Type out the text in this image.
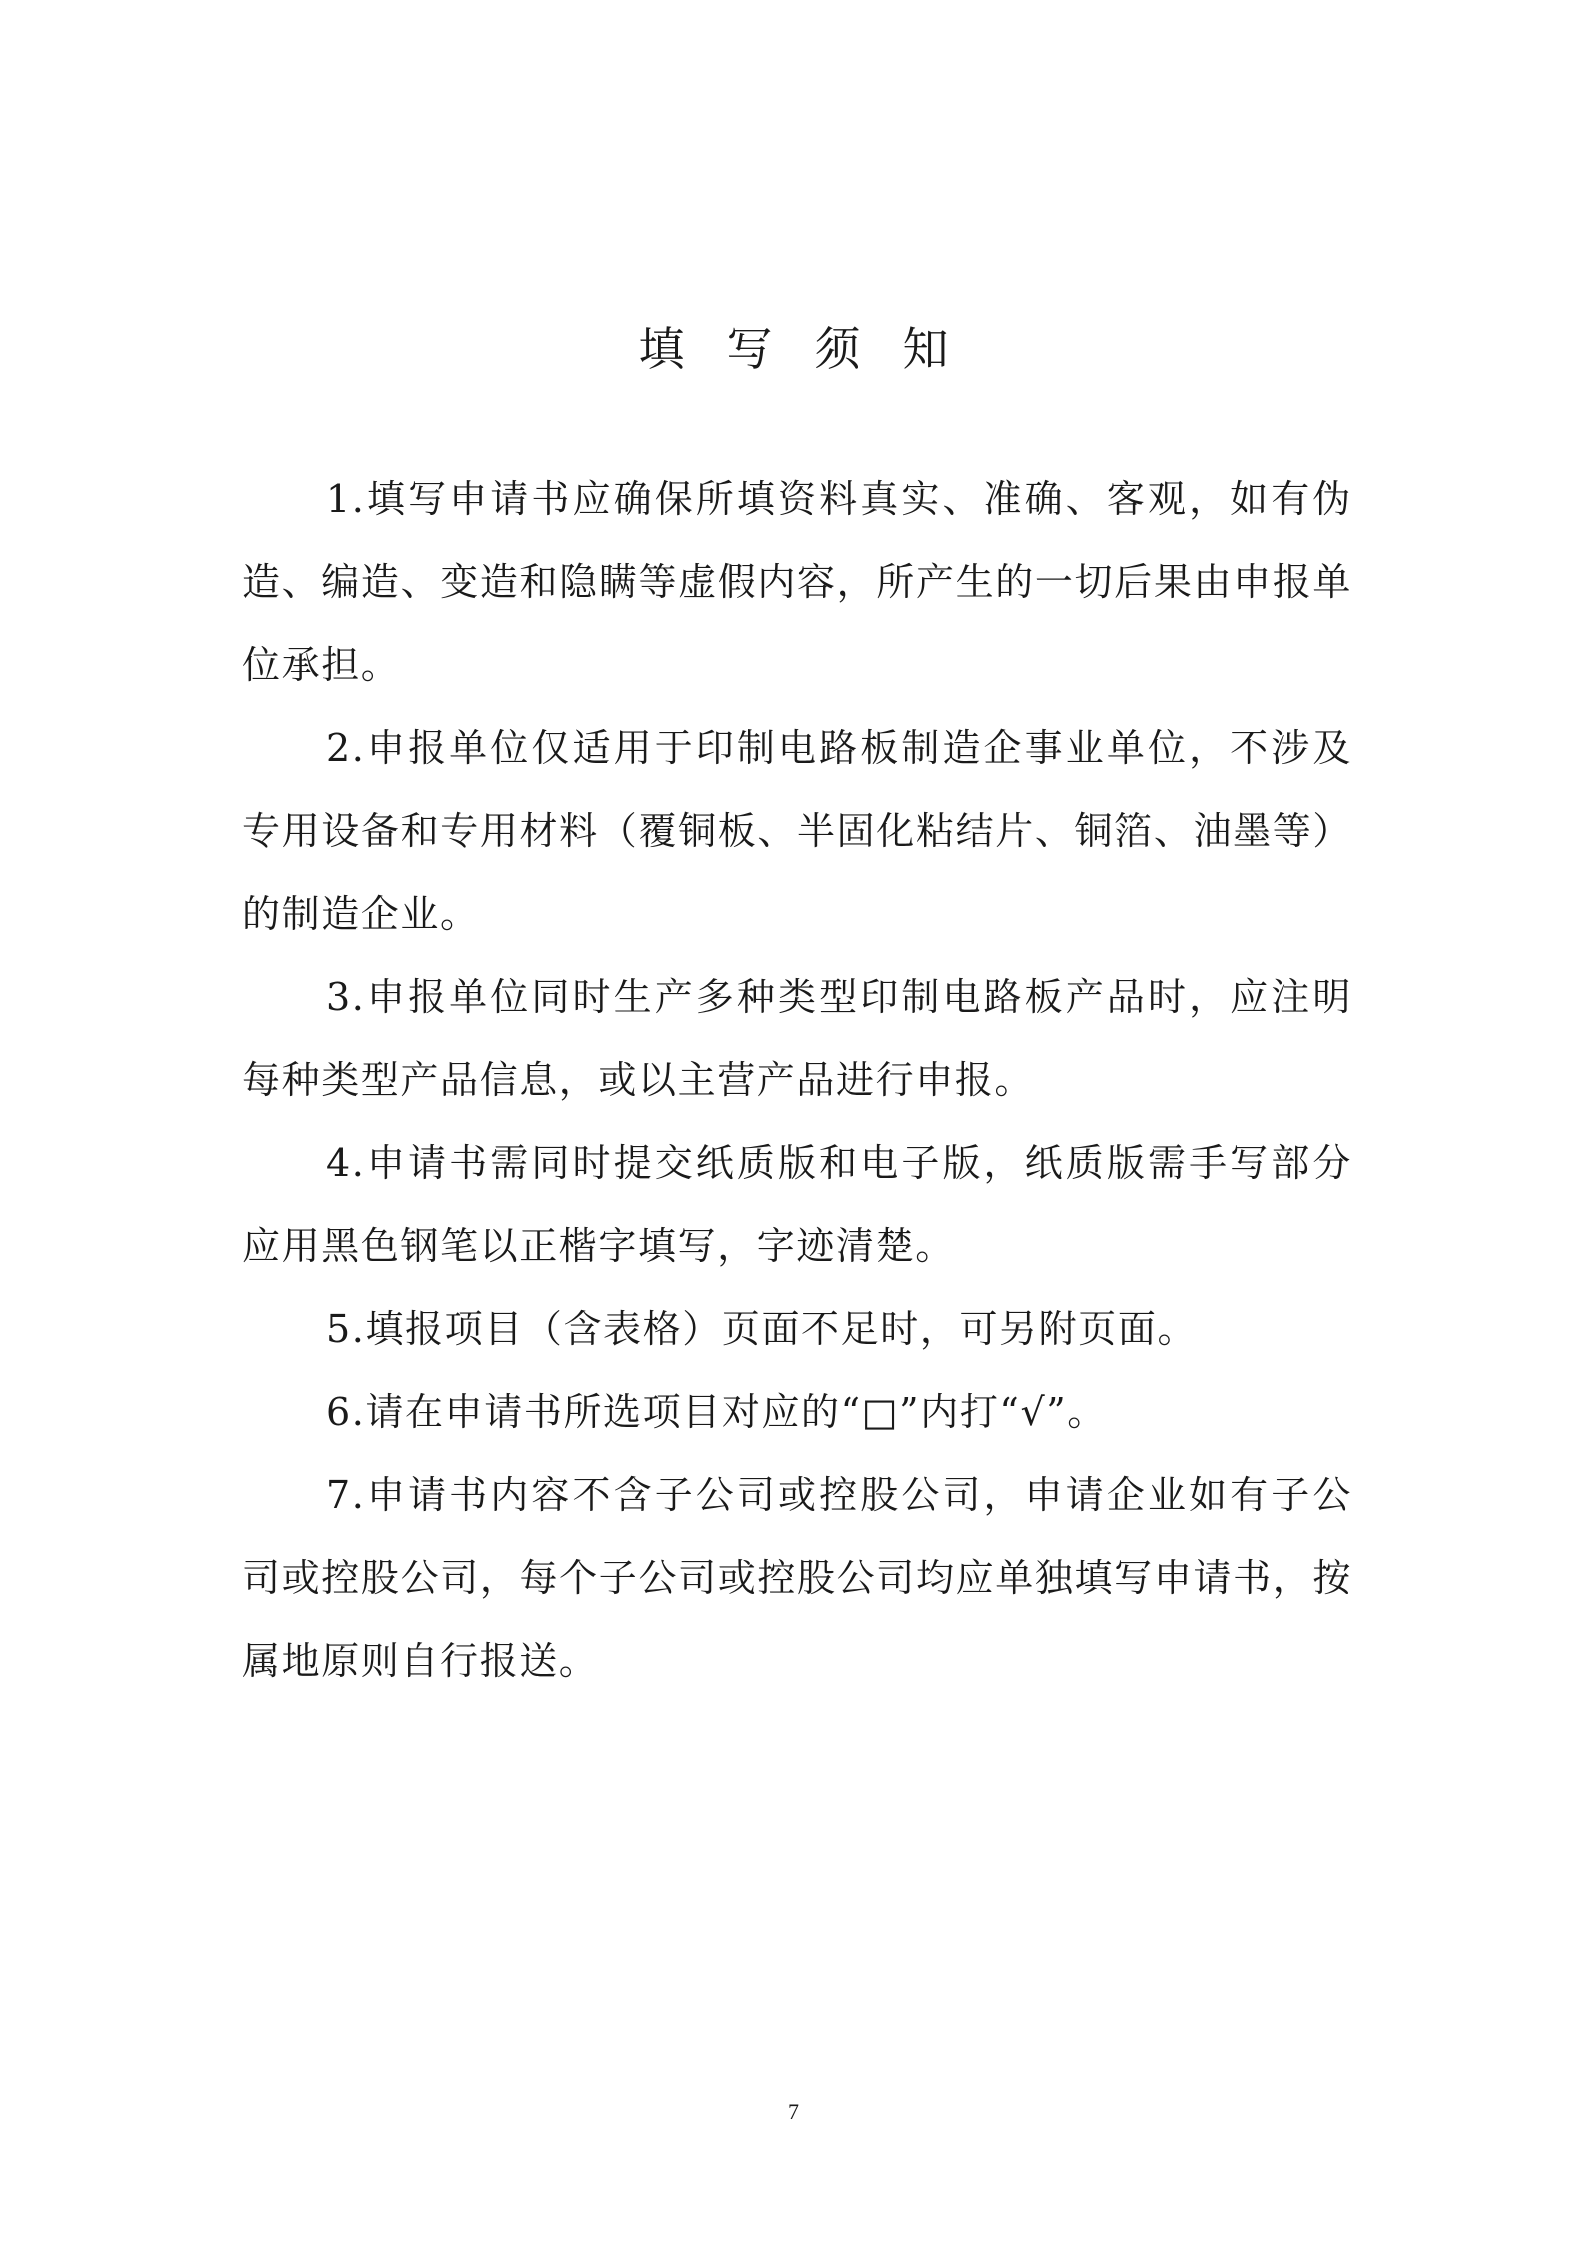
填写须知

1.填写申请书应确保所填资料真实、准确、客观，如有伪造、编造、变造和隐瞒等虚假内容，所产生的一切后果由申报单位承担。

2.申报单位仅适用于印制电路板制造企事业单位，不涉及专用设备和专用材料（覆铜板、半固化粘结片、铜箔、油墨等）的制造企业。

3.申报单位同时生产多种类型印制电路板产品时，应注明每种类型产品信息，或以主营产品进行申报。

4.申请书需同时提交纸质版和电子版，纸质版需手写部分应用黑色钢笔以正楷字填写，字迹清楚。

5.填报项目（含表格）页面不足时，可另附页面。

6.请在申请书所选项目对应的“□”内打“√”。

7.申请书内容不含子公司或控股公司，申请企业如有子公司或控股公司，每个子公司或控股公司均应单独填写申请书，按属地原则自行报送。

7
